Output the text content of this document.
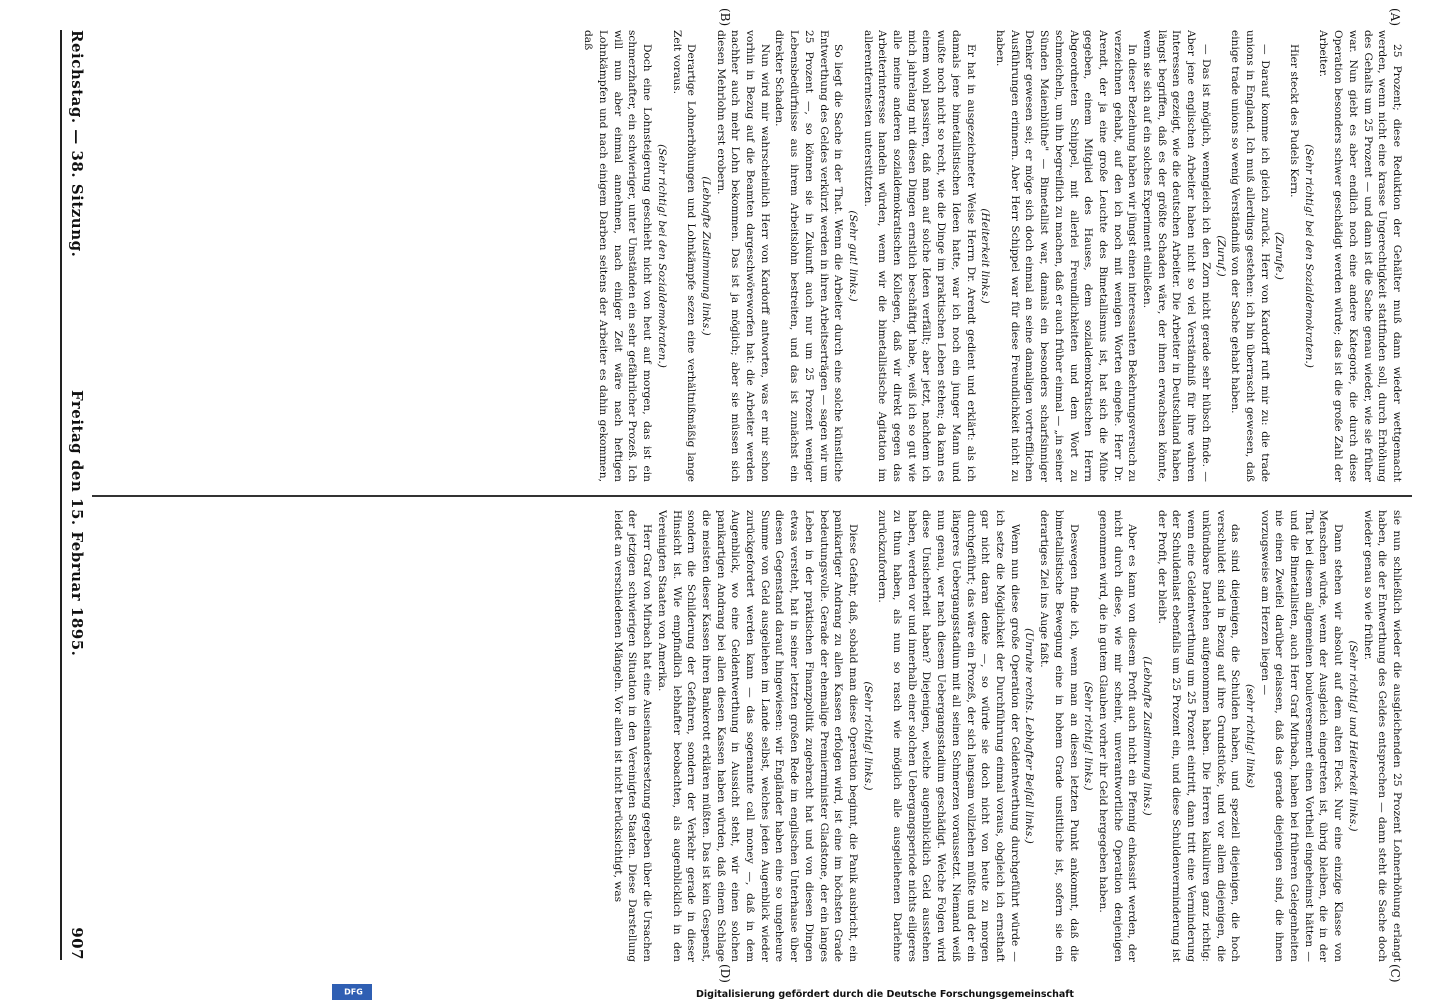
Reichstag. — 38. Sitzung.
Freitag den 15. Februar 1895.
907
(A)
(B)
(C)
(D)

25 Prozent; diese Reduktion der Gehälter muß dann wieder wettgemacht werden, wenn nicht eine krasse Ungerechtigkeit stattfinden soll, durch Erhöhung des Gehalts um 25 Prozent — und dann ist die Sache genau wieder, wie sie früher war. Nun giebt es aber endlich noch eine andere Kategorie, die durch diese Operation besonders schwer geschädigt werden würde; das ist die große Zahl der Arbeiter.

(Sehr richtig! bei den Sozialdemokraten.)

Hier steckt des Pudels Kern.

(Zurufe.)

— Darauf komme ich gleich zurück. Herr von Kardorff ruft mir zu: die trade unions in England. Ich muß allerdings gestehen: ich bin überrascht gewesen, daß einige trade unions so wenig Verständniß von der Sache gehabt haben.

(Zuruf.)

— Das ist möglich, wenngleich ich den Zorn nicht gerade sehr hübsch finde. — Aber jene englischen Arbeiter haben nicht so viel Verständniß für ihre wahren Interessen gezeigt, wie die deutschen Arbeiter. Die Arbeiter in Deutschland haben längst begriffen, daß es der größte Schaden wäre, der ihnen erwachsen könnte, wenn sie sich auf ein solches Experiment einließen.

In dieser Beziehung haben wir jüngst einen interessanten Bekehrungsversuch zu verzeichnen gehabt, auf den ich noch mit wenigen Worten eingehe. Herr Dr. Arendt, der ja eine große Leuchte des Bimetallismus ist, hat sich die Mühe gegeben, einem Mitglied des Hauses, dem sozialdemokratischen Herrn Abgeordneten Schippel, mit allerlei Freundlichkeiten und dem Wort zu schmeicheln, um ihn begreiflich zu machen, daß er auch früher einmal — „in seiner Sünden Maienblüthe" — Bimetallist war, damals ein besonders scharfsinniger Denker gewesen sei; er möge sich doch einmal an seine damaligen vortrefflichen Ausführungen erinnern. Aber Herr Schippel war für diese Freundlichkeit nicht zu haben.

(Heiterkeit links.)

Er hat in ausgezeichneter Weise Herrn Dr. Arendt gedient und erklärt: als ich damals jene bimetallistischen Ideen hatte, war ich noch ein junger Mann und wußte noch nicht so recht, wie die Dinge im praktischen Leben stehen; da kann es einem wohl passiren, daß man auf solche Ideen verfällt; aber jetzt, nachdem ich mich jahrelang mit diesen Dingen ernstlich beschäftigt habe, weiß ich so gut wie alle meine anderen sozialdemokratischen Kollegen, daß wir direkt gegen das Arbeiterinteresse handeln würden, wenn wir die bimetallistische Agitation im allerentferntesten unterstützten.

(Sehr gut! links.)

So liegt die Sache in der That. Wenn die Arbeiter durch eine solche künstliche Entwerthung des Geldes verkürzt werden in ihren Arbeitserträgen — sagen wir um 25 Prozent —, so können sie in Zukunft auch nur um 25 Prozent weniger Lebensbedürfnisse aus ihrem Arbeitslohn bestreiten, und das ist zunächst ein direkter Schaden.

Nun wird mir wahrscheinlich Herr von Kardorff antworten, was er mir schon vorhin in Bezug auf die Beamten dargeschwöreworfen hat: die Arbeiter werden nachher auch mehr Lohn bekommen. Das ist ja möglich; aber sie müssen sich diesen Mehrlohn erst erobern.

(Lebhafte Zustimmung links.)

Derartige Lohnerhöhungen und Lohnkämpfe sezen eine verhältnißmäßig lange Zeit voraus.

(Sehr richtig! bei den Sozialdemokraten.)

Doch eine Lohnsteigerung geschieht nicht von heut auf morgen, das ist ein schmerzhafter, ein schwieriger, unter Umständen ein sehr gefährlicher Prozeß. Ich will nun aber einmal annehmen, nach einiger Zeit wäre nach heftigen Lohnkämpfen und nach einigem Darben seitens der Arbeiter es dahin gekommen, daß

sie nun schließlich wieder die ausgleichenden 25 Prozent Lohnerhöhung erlangt haben, die der Entwerthung des Geldes entsprechen — dann steht die Sache doch wieder genau so wie früher.

(Sehr richtig! und Heiterkeit links.)

Dann stehen wir absolut auf dem alten Fleck. Nur eine einzige Klasse von Menschen würde, wenn der Ausgleich eingetreten ist, übrig bleiben, die in der That bei diesem allgemeinen bouleversement einen Vortheil eingeheimst hätten — und die Bimetallisten, auch Herr Graf Mirbach, haben bei früheren Gelegenheiten nie einen Zweifel darüber gelassen, daß das gerade diejenigen sind, die ihnen vorzugsweise am Herzen liegen —

(sehr richtig! links)

das sind diejenigen, die Schulden haben, und speziell diejenigen, die hoch verschuldet sind in Bezug auf ihre Grundstücke, und vor allem diejenigen, die unkündbare Darlehen aufgenommen haben. Die Herren kalkuliren ganz richtig: wenn eine Geldentwerthung um 25 Prozent eintritt, dann tritt eine Verminderung der Schuldenlast ebenfalls um 25 Prozent ein, und diese Schuldenverminderung ist der Profit, der bleibt.

(Lebhafte Zustimmung links.)

Aber es kann von diesem Profit auch nicht ein Pfennig einkassirt werden, der nicht durch diese, wie mir scheint, unverantwortliche Operation denjenigen genommen wird, die in gutem Glauben vorher ihr Geld hergegeben haben.

(Sehr richtig! links.)

Deswegen finde ich, wenn man an diesen letzten Punkt ankommt, daß die bimetallistische Bewegung eine in hohem Grade unsittliche ist, sofern sie ein derartiges Ziel ins Auge faßt.

(Unruhe rechts. Lebhafter Beifall links.)

Wenn nun diese große Operation der Geldentwerthung durchgeführt würde — ich setze die Möglichkeit der Durchführung einmal voraus, obgleich ich ernsthaft gar nicht daran denke —, so würde sie doch nicht von heute zu morgen durchgeführt; das wäre ein Prozeß, der sich langsam vollziehen müßte und der ein längeres Uebergangsstadium mit all seinen Schmerzen voraussetzt. Niemand weiß nun genau, wer nach diesem Uebergangsstadium geschädigt. Welche Folgen wird diese Unsicherheit haben? Diejenigen, welche augenblicklich Geld ausstehen haben, werden vor und innerhalb einer solchen Uebergangsperiode nichts eiligeres zu thun haben, als nun so rasch wie möglich alle ausgeliehenen Darlehne zurückzufordern.

(Sehr richtig! links.)

Diese Gefahr, daß, sobald man diese Operation beginnt, die Panik ausbricht, ein panikartiger Andrang zu allen Kassen erfolgen wird, ist eine im höchsten Grade bedeutungsvolle. Gerade der ehemalige Premierminister Gladstone, der ein langes Leben in der praktischen Finanzpolitik zugebracht hat und von diesen Dingen etwas versteht, hat in seiner letzten großen Rede im englischen Unterhause über diesen Gegenstand darauf hingewiesen: wir Engländer haben eine so ungeheure Summe von Geld ausgeliehen im Lande selbst, welches jeden Augenblick wieder zurückgefordert werden kann — das sogenannte call money —, daß in dem Augenblick, wo eine Geldentwerthung in Aussicht steht, wir einen solchen panikartigen Andrang bei allen diesen Kassen haben würden, daß einem Schlage die meisten dieser Kassen ihren Bankerott erklären müßten. Das ist kein Gespenst, sondern die Schilderung der Gefahren, sondern der Verkehr gerade in dieser Hinsicht ist. Wie empfindlich lebhafter beobachten, als augenblicklich in den Vereinigten Staaten von Amerika.

Herr Graf von Mirbach hat eine Auseinandersetzung gegeben über die Ursachen der jetzigen schwierigen Situation in den Vereinigten Staaten. Diese Darstellung leidet an verschiedenen Mängeln. Vor allem ist nicht berücksichtigt, was

Digitalisierung gefördert durch die Deutsche Forschungsgemeinschaft
DFG
